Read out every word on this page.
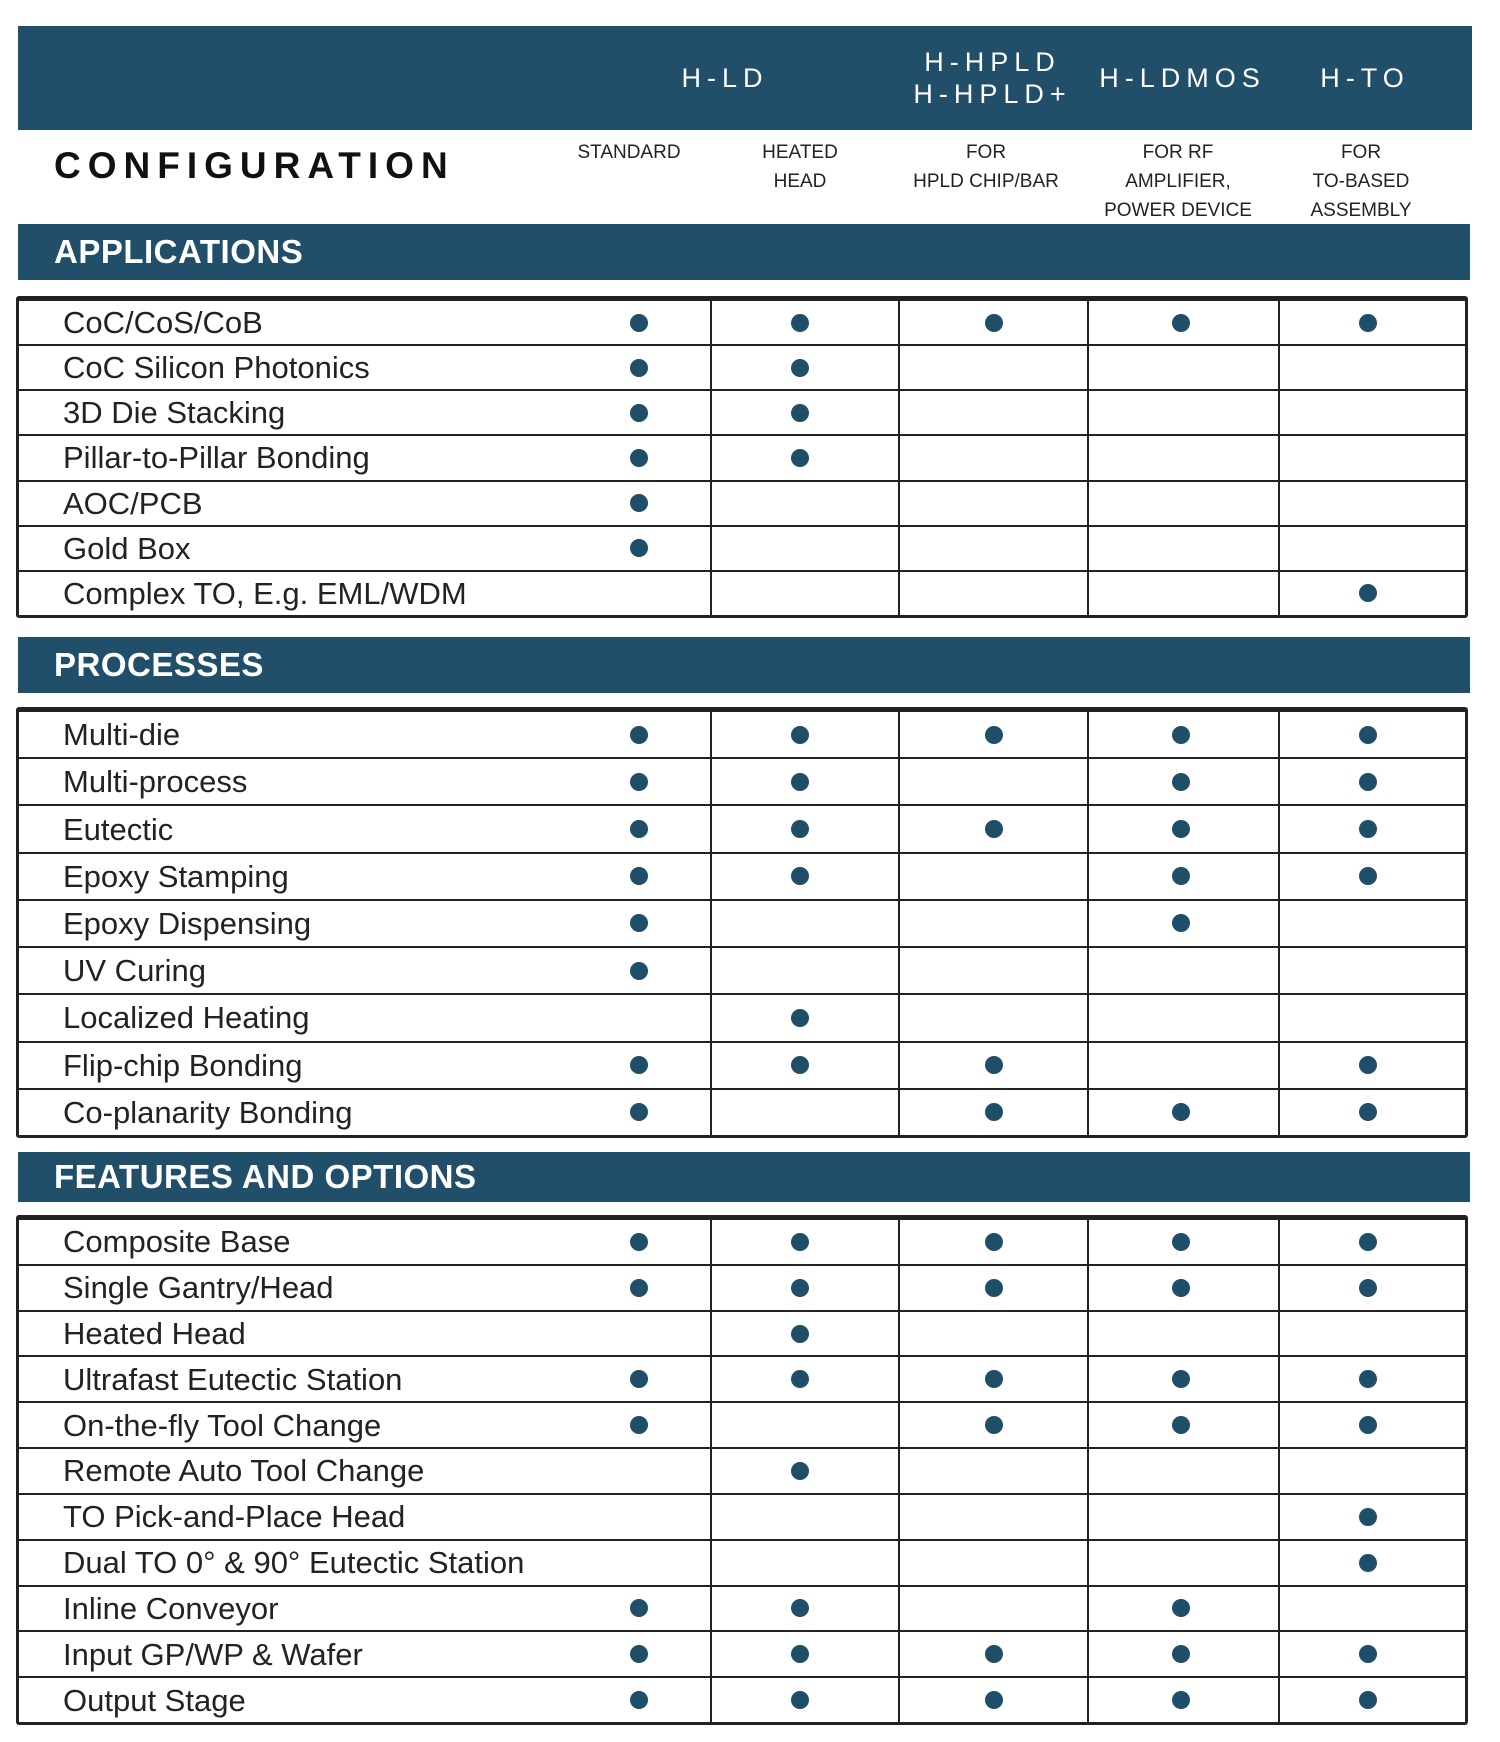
H-LD
H-HPLD
H-HPLD+
H-LDMOS H-TO
CONFIGURATION	STANDARD	HEATED
HEAD
FOR
HPLD CHIP/BAR
FOR RF
AMPLIFIER,
POWER DEVICE
FOR
TO-BASED
ASSEMBLY
APPLICATIONS
CoC/CoS/CoB
CoC Silicon Photonics
3D Die Stacking
Pillar-to-Pillar Bonding
AOC/PCB
Gold Box
Complex TO, E.g. EML/WDM
PROCESSES
Multi-die
Multi-process
Eutectic
Epoxy Stamping
Epoxy Dispensing
UV Curing
Localized Heating
Flip-chip Bonding
Co-planarity Bonding
FEATURES AND OPTIONS
Composite Base
Single Gantry/Head
Heated Head
Ultrafast Eutectic Station
On-the-fly Tool Change
Remote Auto Tool Change
TO Pick-and-Place Head
Dual TO 0° & 90° Eutectic Station
Inline Conveyor
Input GP/WP & Wafer
Output Stage
